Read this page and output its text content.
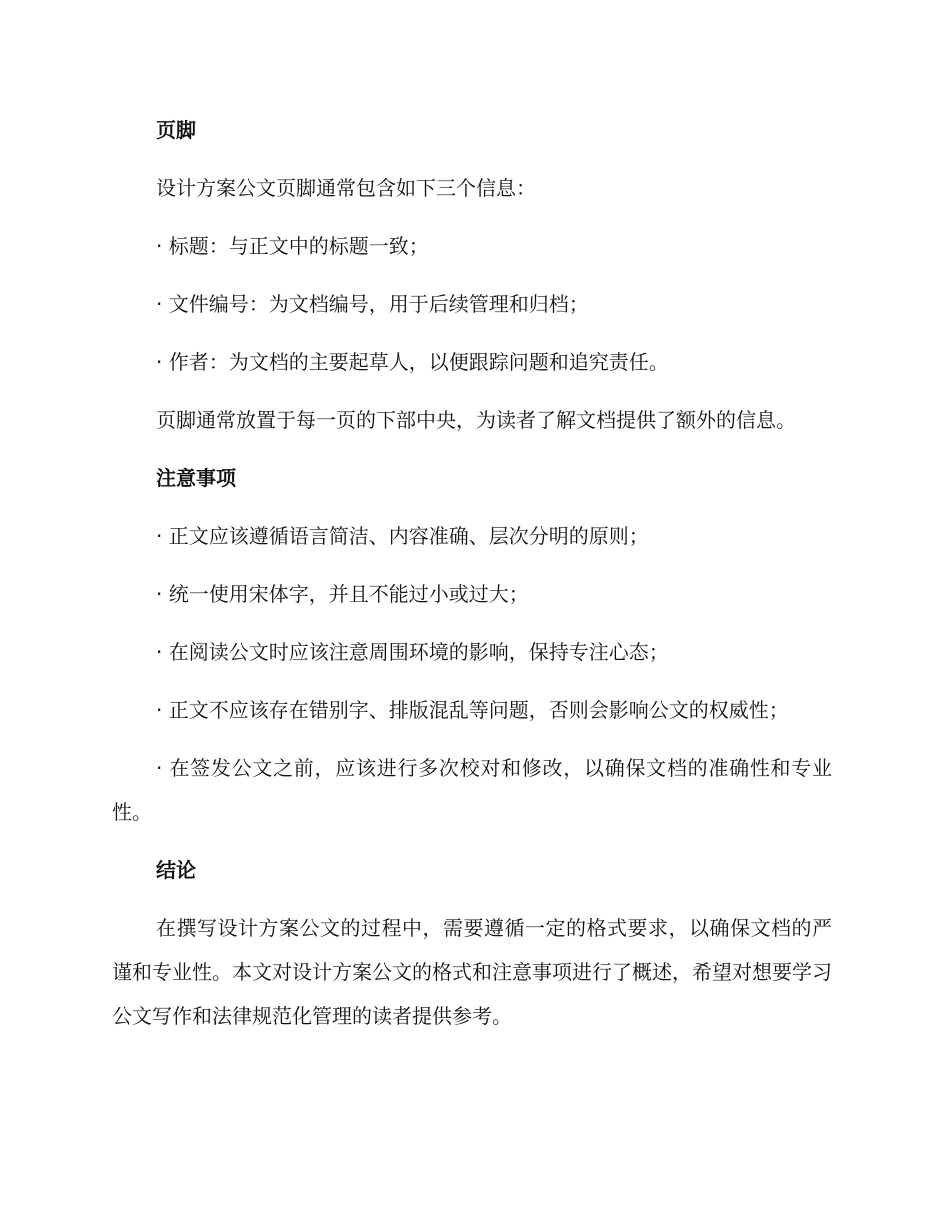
页脚

设计方案公文页脚通常包含如下三个信息：

· 标题：与正文中的标题一致；

· 文件编号：为文档编号，用于后续管理和归档；

· 作者：为文档的主要起草人，以便跟踪问题和追究责任。

页脚通常放置于每一页的下部中央，为读者了解文档提供了额外的信息。

注意事项

· 正文应该遵循语言简洁、内容准确、层次分明的原则；

· 统一使用宋体字，并且不能过小或过大；

· 在阅读公文时应该注意周围环境的影响，保持专注心态；

· 正文不应该存在错别字、排版混乱等问题，否则会影响公文的权威性；

· 在签发公文之前，应该进行多次校对和修改，以确保文档的准确性和专业性。

结论

在撰写设计方案公文的过程中，需要遵循一定的格式要求，以确保文档的严谨和专业性。本文对设计方案公文的格式和注意事项进行了概述，希望对想要学习公文写作和法律规范化管理的读者提供参考。
